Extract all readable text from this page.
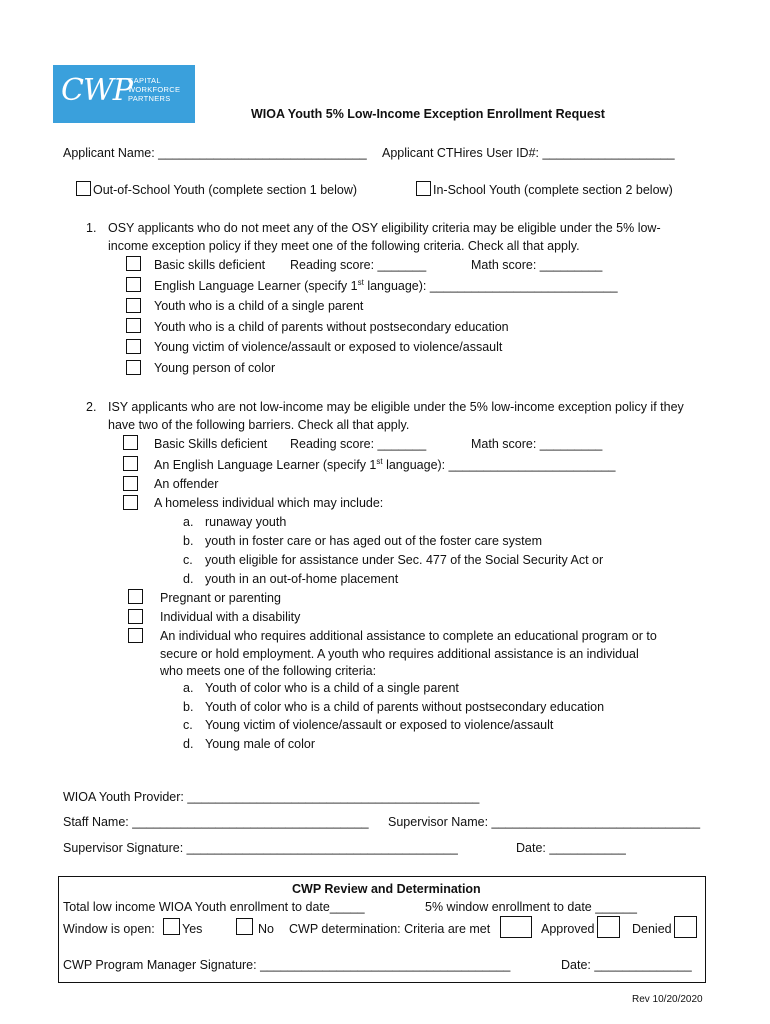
CWP
CAPITAL
WORKFORCE
PARTNERS
WIOA Youth 5% Low-Income Exception Enrollment Request
Applicant Name: ______________________________ Applicant CTHires User ID#: ___________________
Out-of-School Youth (complete section 1 below)	In-School Youth (complete section 2 below)
1. OSY applicants who do not meet any of the OSY eligibility criteria may be eligible under the 5% low-
income exception policy if they meet one of the following criteria. Check all that apply.
Basic skills deficient Reading score: _______	Math score: _________
English Language Learner (specify 1st language): ___________________________
Youth who is a child of a single parent
Youth who is a child of parents without postsecondary education
Young victim of violence/assault or exposed to violence/assault
Young person of color
2. ISY applicants who are not low-income may be eligible under the 5% low-income exception policy if they
have two of the following barriers. Check all that apply.
Basic Skills deficient Reading score: _______	Math score: _________
An English Language Learner (specify 1st language): ________________________
An offender
A homeless individual which may include:
a. runaway youth
b. youth in foster care or has aged out of the foster care system
c. youth eligible for assistance under Sec. 477 of the Social Security Act or
d. youth in an out-of-home placement
Pregnant or parenting
Individual with a disability
An individual who requires additional assistance to complete an educational program or to
secure or hold employment. A youth who requires additional assistance is an individual
who meets one of the following criteria:
a. Youth of color who is a child of a single parent
b. Youth of color who is a child of parents without postsecondary education
c. Young victim of violence/assault or exposed to violence/assault
d. Young male of color
WIOA Youth Provider: __________________________________________
Staff Name: __________________________________ Supervisor Name: ______________________________
Supervisor Signature: _______________________________________	Date: ___________
CWP Review and Determination
Total low income WIOA Youth enrollment to date_____	5% window enrollment to date ______
Window is open: Yes	No CWP determination: Criteria are met	Approved	Denied
CWP Program Manager Signature: ____________________________________	Date: ______________
Rev 10/20/2020
